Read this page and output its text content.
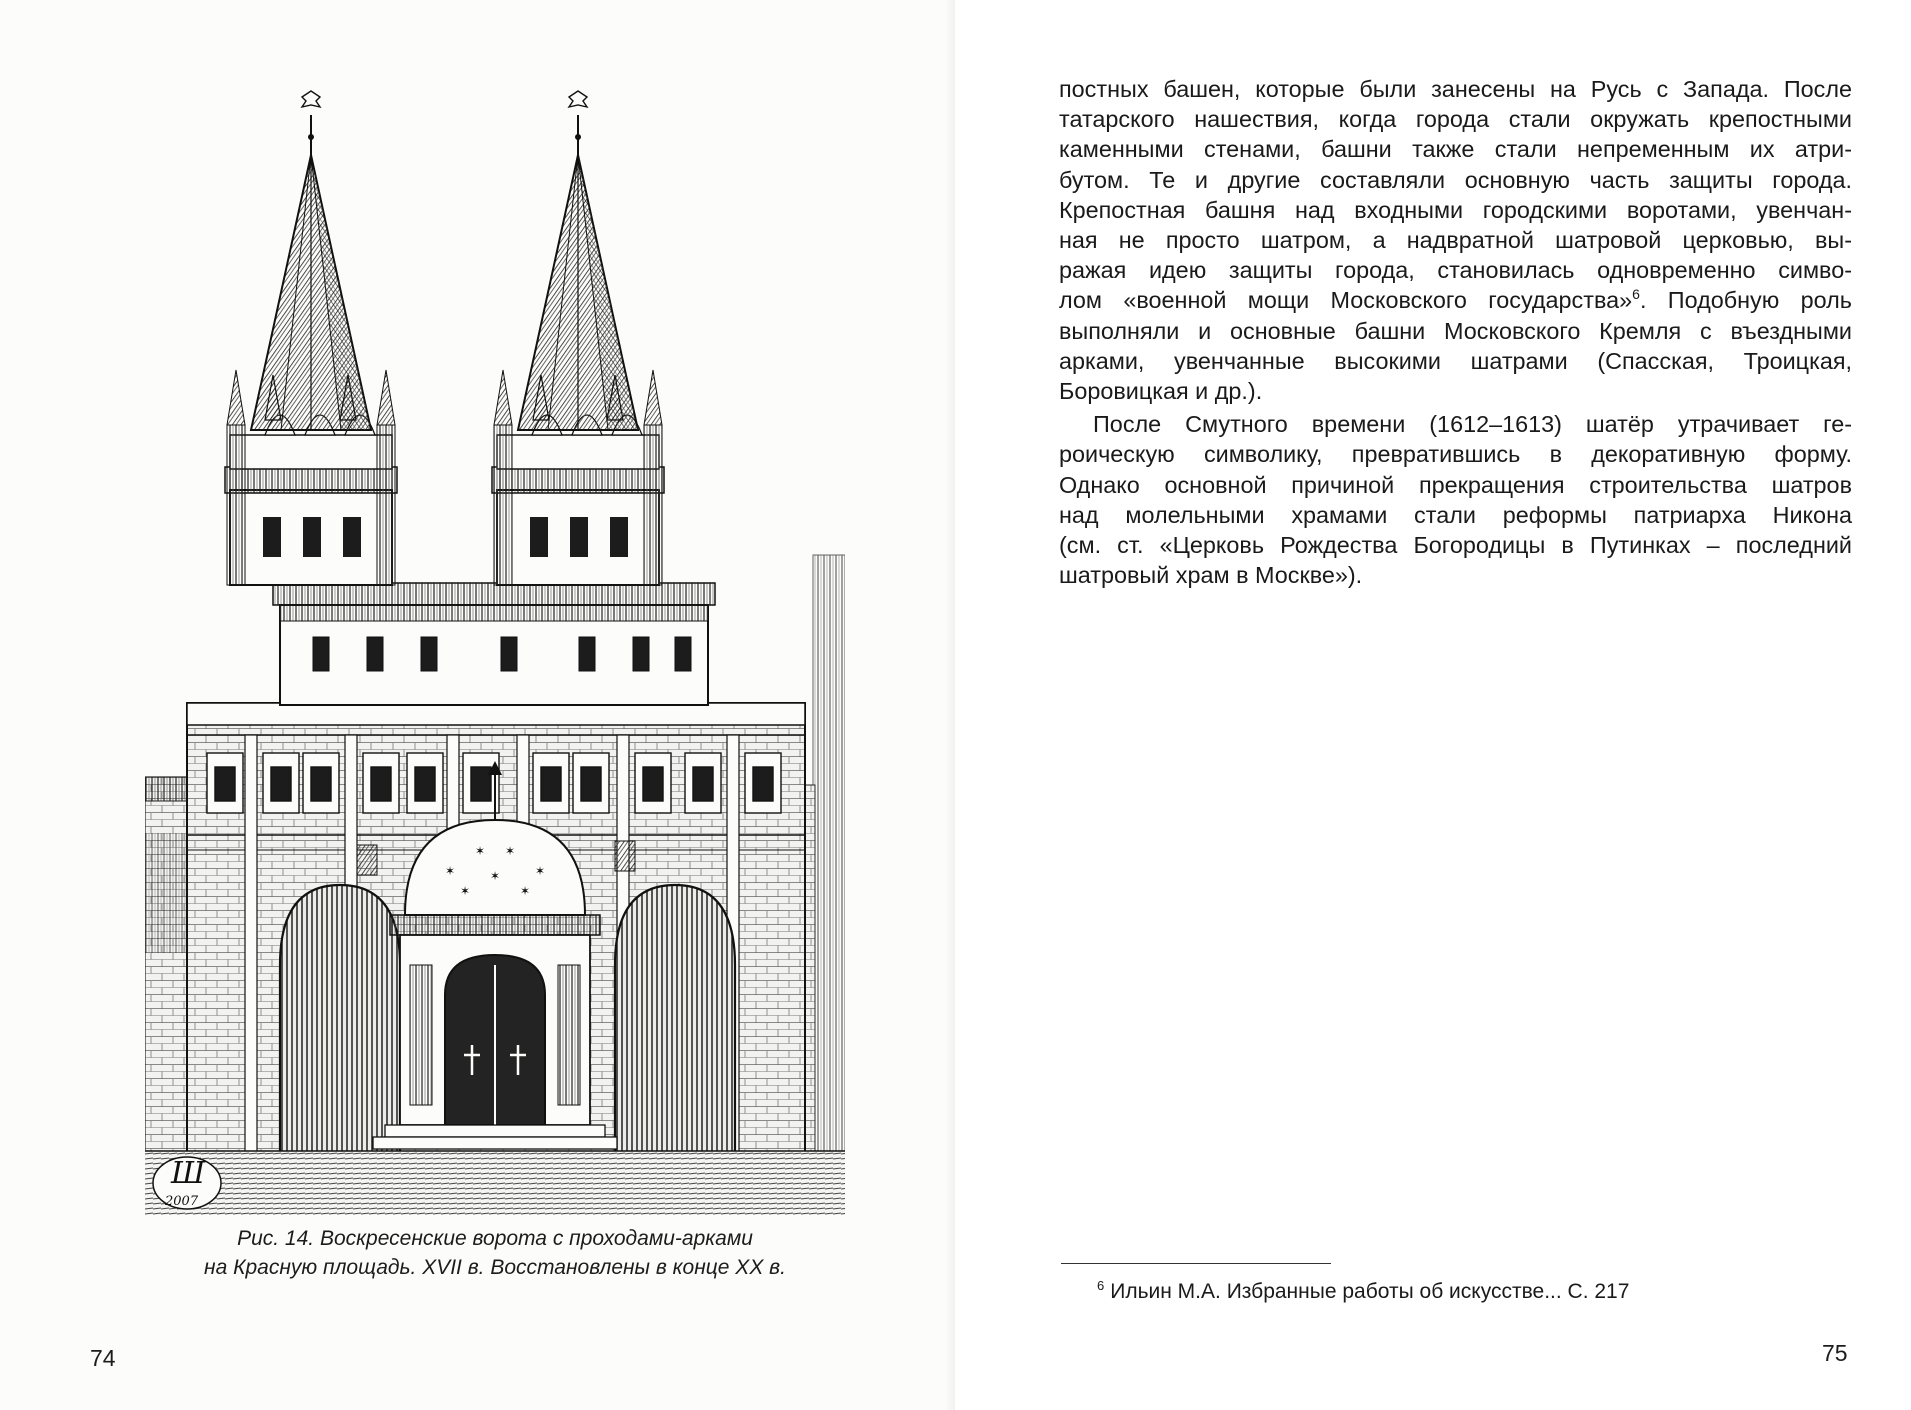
✶
✶ ✶
✶
✶
✶
✶
Ш
2007
Рис. 14. Воскресенские ворота с проходами-арками
на Красную площадь. XVII в. Восстановлены в конце XX в.
74
постных башен, которые были занесены на Русь с Запада. После
татарского нашествия, когда города стали окружать крепостными
каменными стенами, башни также стали непременным их атри-
бутом. Те и другие составляли основную часть защиты города.
Крепостная башня над входными городскими воротами, увенчан-
ная не просто шатром, а надвратной шатровой церковью, вы-
ражая идею защиты города, становилась одновременно симво-
лом «военной мощи Московского государства»$^6$. Подобную роль
выполняли и основные башни Московского Кремля с въездными
арками, увенчанные высокими шатрами (Спасская, Троицкая,
Боровицкая и др.).
После Смутного времени (1612–1613) шатёр утрачивает ге-
роическую символику, превратившись в декоративную форму.
Однако основной причиной прекращения строительства шатров
над молельными храмами стали реформы патриарха Никона
(см. ст. «Церковь Рождества Богородицы в Путинках – последний
шатровый храм в Москве»).
$^6$ Ильин М.А. Избранные работы об искусстве... С. 217
75
